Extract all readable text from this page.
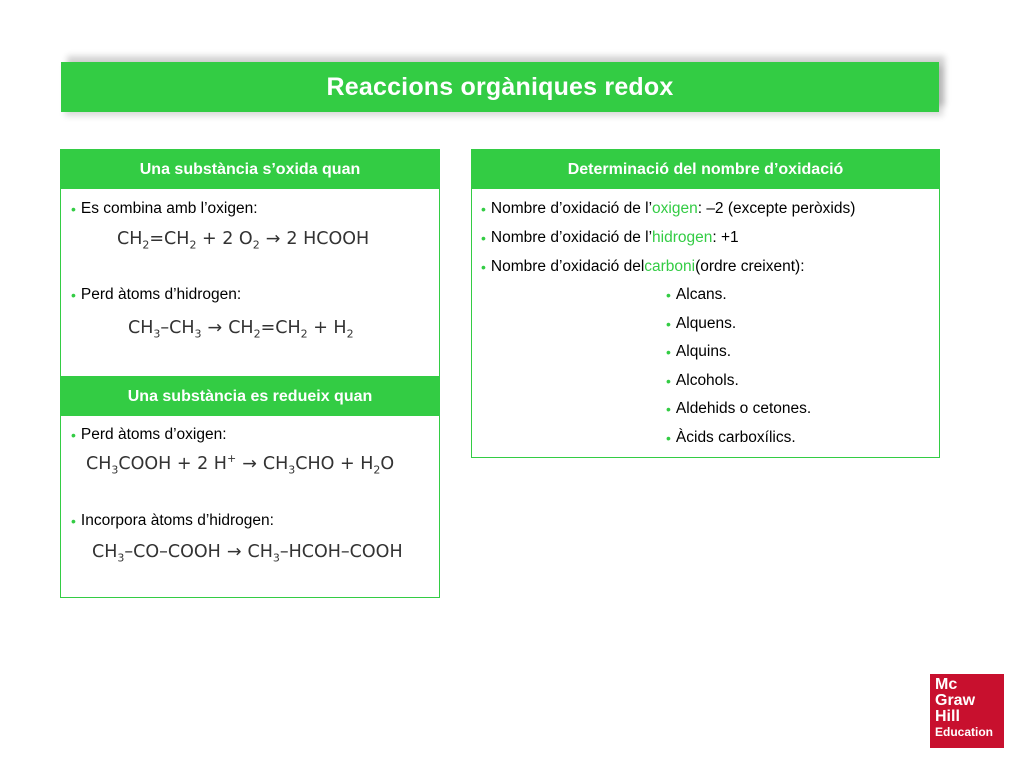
Reaccions orgàniques redox
Una substància s’oxida quan
• Es combina amb l’oxigen:
$CH_2=CH_2 + 2$ $O_2 \to 2$ HCOOH
• Perd àtoms d’hidrogen:
$CH_3-CH_3 \to CH_2=CH_2 + H_2$
Una substància es redueix quan
• Perd àtoms d’oxigen:
$CH_3COOH + 2$ $H^+ \to CH_3CHO + H_2O$
• Incorpora àtoms d’hidrogen:
$CH_3-CO$–COOH → $CH_3-HCOH$–COOH
Determinació del nombre d’oxidació
• Nombre d’oxidació de l’ oxigen : –2 (excepte peròxids)
• Nombre d’oxidació de l’ hidrogen : +1
• Nombre d’oxidació del carboni (ordre creixent):
• Alcans.
• Alquens.
• Alquins.
• Alcohols.
• Aldehids o cetones.
• Àcids carboxílics.
Mc
Graw
Hill
Education
